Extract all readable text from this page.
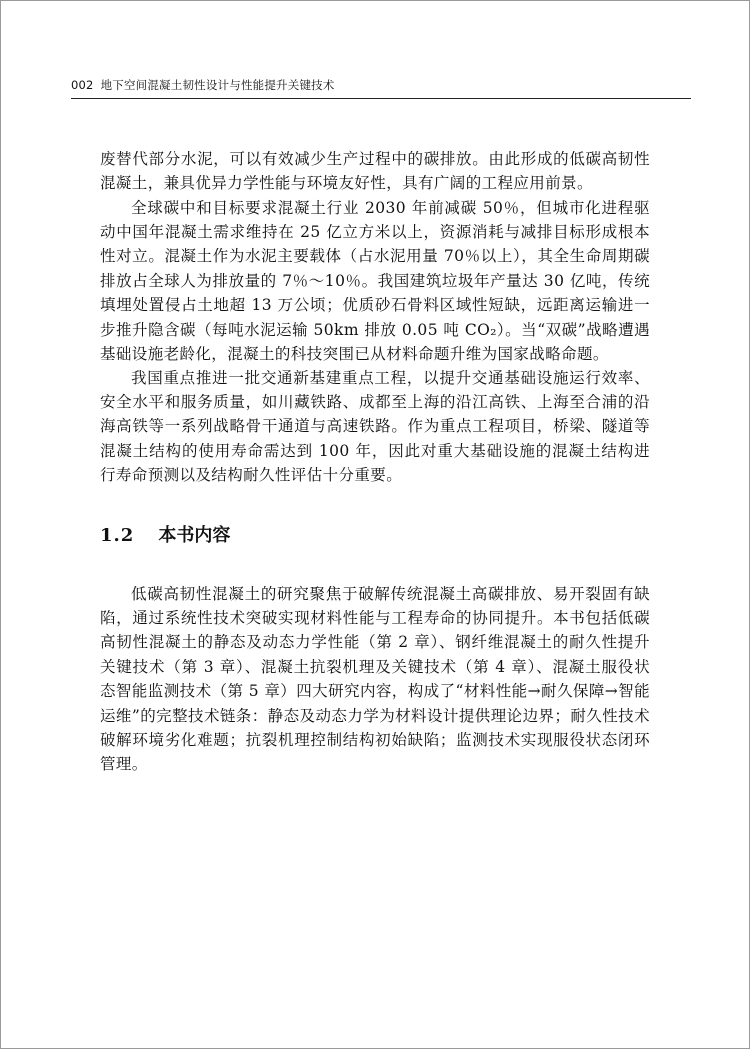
002 地下空间混凝土韧性设计与性能提升关键技术

废替代部分水泥，可以有效减少生产过程中的碳排放。由此形成的低碳高韧性混凝土，兼具优异力学性能与环境友好性，具有广阔的工程应用前景。

全球碳中和目标要求混凝土行业 2030 年前减碳 50％，但城市化进程驱动中国年混凝土需求维持在 25 亿立方米以上，资源消耗与减排目标形成根本性对立。混凝土作为水泥主要载体（占水泥用量 70％以上），其全生命周期碳排放占全球人为排放量的 7％～10％。我国建筑垃圾年产量达 30 亿吨，传统填埋处置侵占土地超 13 万公顷；优质砂石骨料区域性短缺，远距离运输进一步推升隐含碳（每吨水泥运输 50km 排放 0.05 吨 CO₂）。当“双碳”战略遭遇基础设施老龄化，混凝土的科技突围已从材料命题升维为国家战略命题。

我国重点推进一批交通新基建重点工程，以提升交通基础设施运行效率、安全水平和服务质量，如川藏铁路、成都至上海的沿江高铁、上海至合浦的沿海高铁等一系列战略骨干通道与高速铁路。作为重点工程项目，桥梁、隧道等混凝土结构的使用寿命需达到 100 年，因此对重大基础设施的混凝土结构进行寿命预测以及结构耐久性评估十分重要。

1.2 本书内容

低碳高韧性混凝土的研究聚焦于破解传统混凝土高碳排放、易开裂固有缺陷，通过系统性技术突破实现材料性能与工程寿命的协同提升。本书包括低碳高韧性混凝土的静态及动态力学性能（第 2 章）、钢纤维混凝土的耐久性提升关键技术（第 3 章）、混凝土抗裂机理及关键技术（第 4 章）、混凝土服役状态智能监测技术（第 5 章）四大研究内容，构成了“材料性能→耐久保障→智能运维”的完整技术链条：静态及动态力学为材料设计提供理论边界；耐久性技术破解环境劣化难题；抗裂机理控制结构初始缺陷；监测技术实现服役状态闭环管理。
